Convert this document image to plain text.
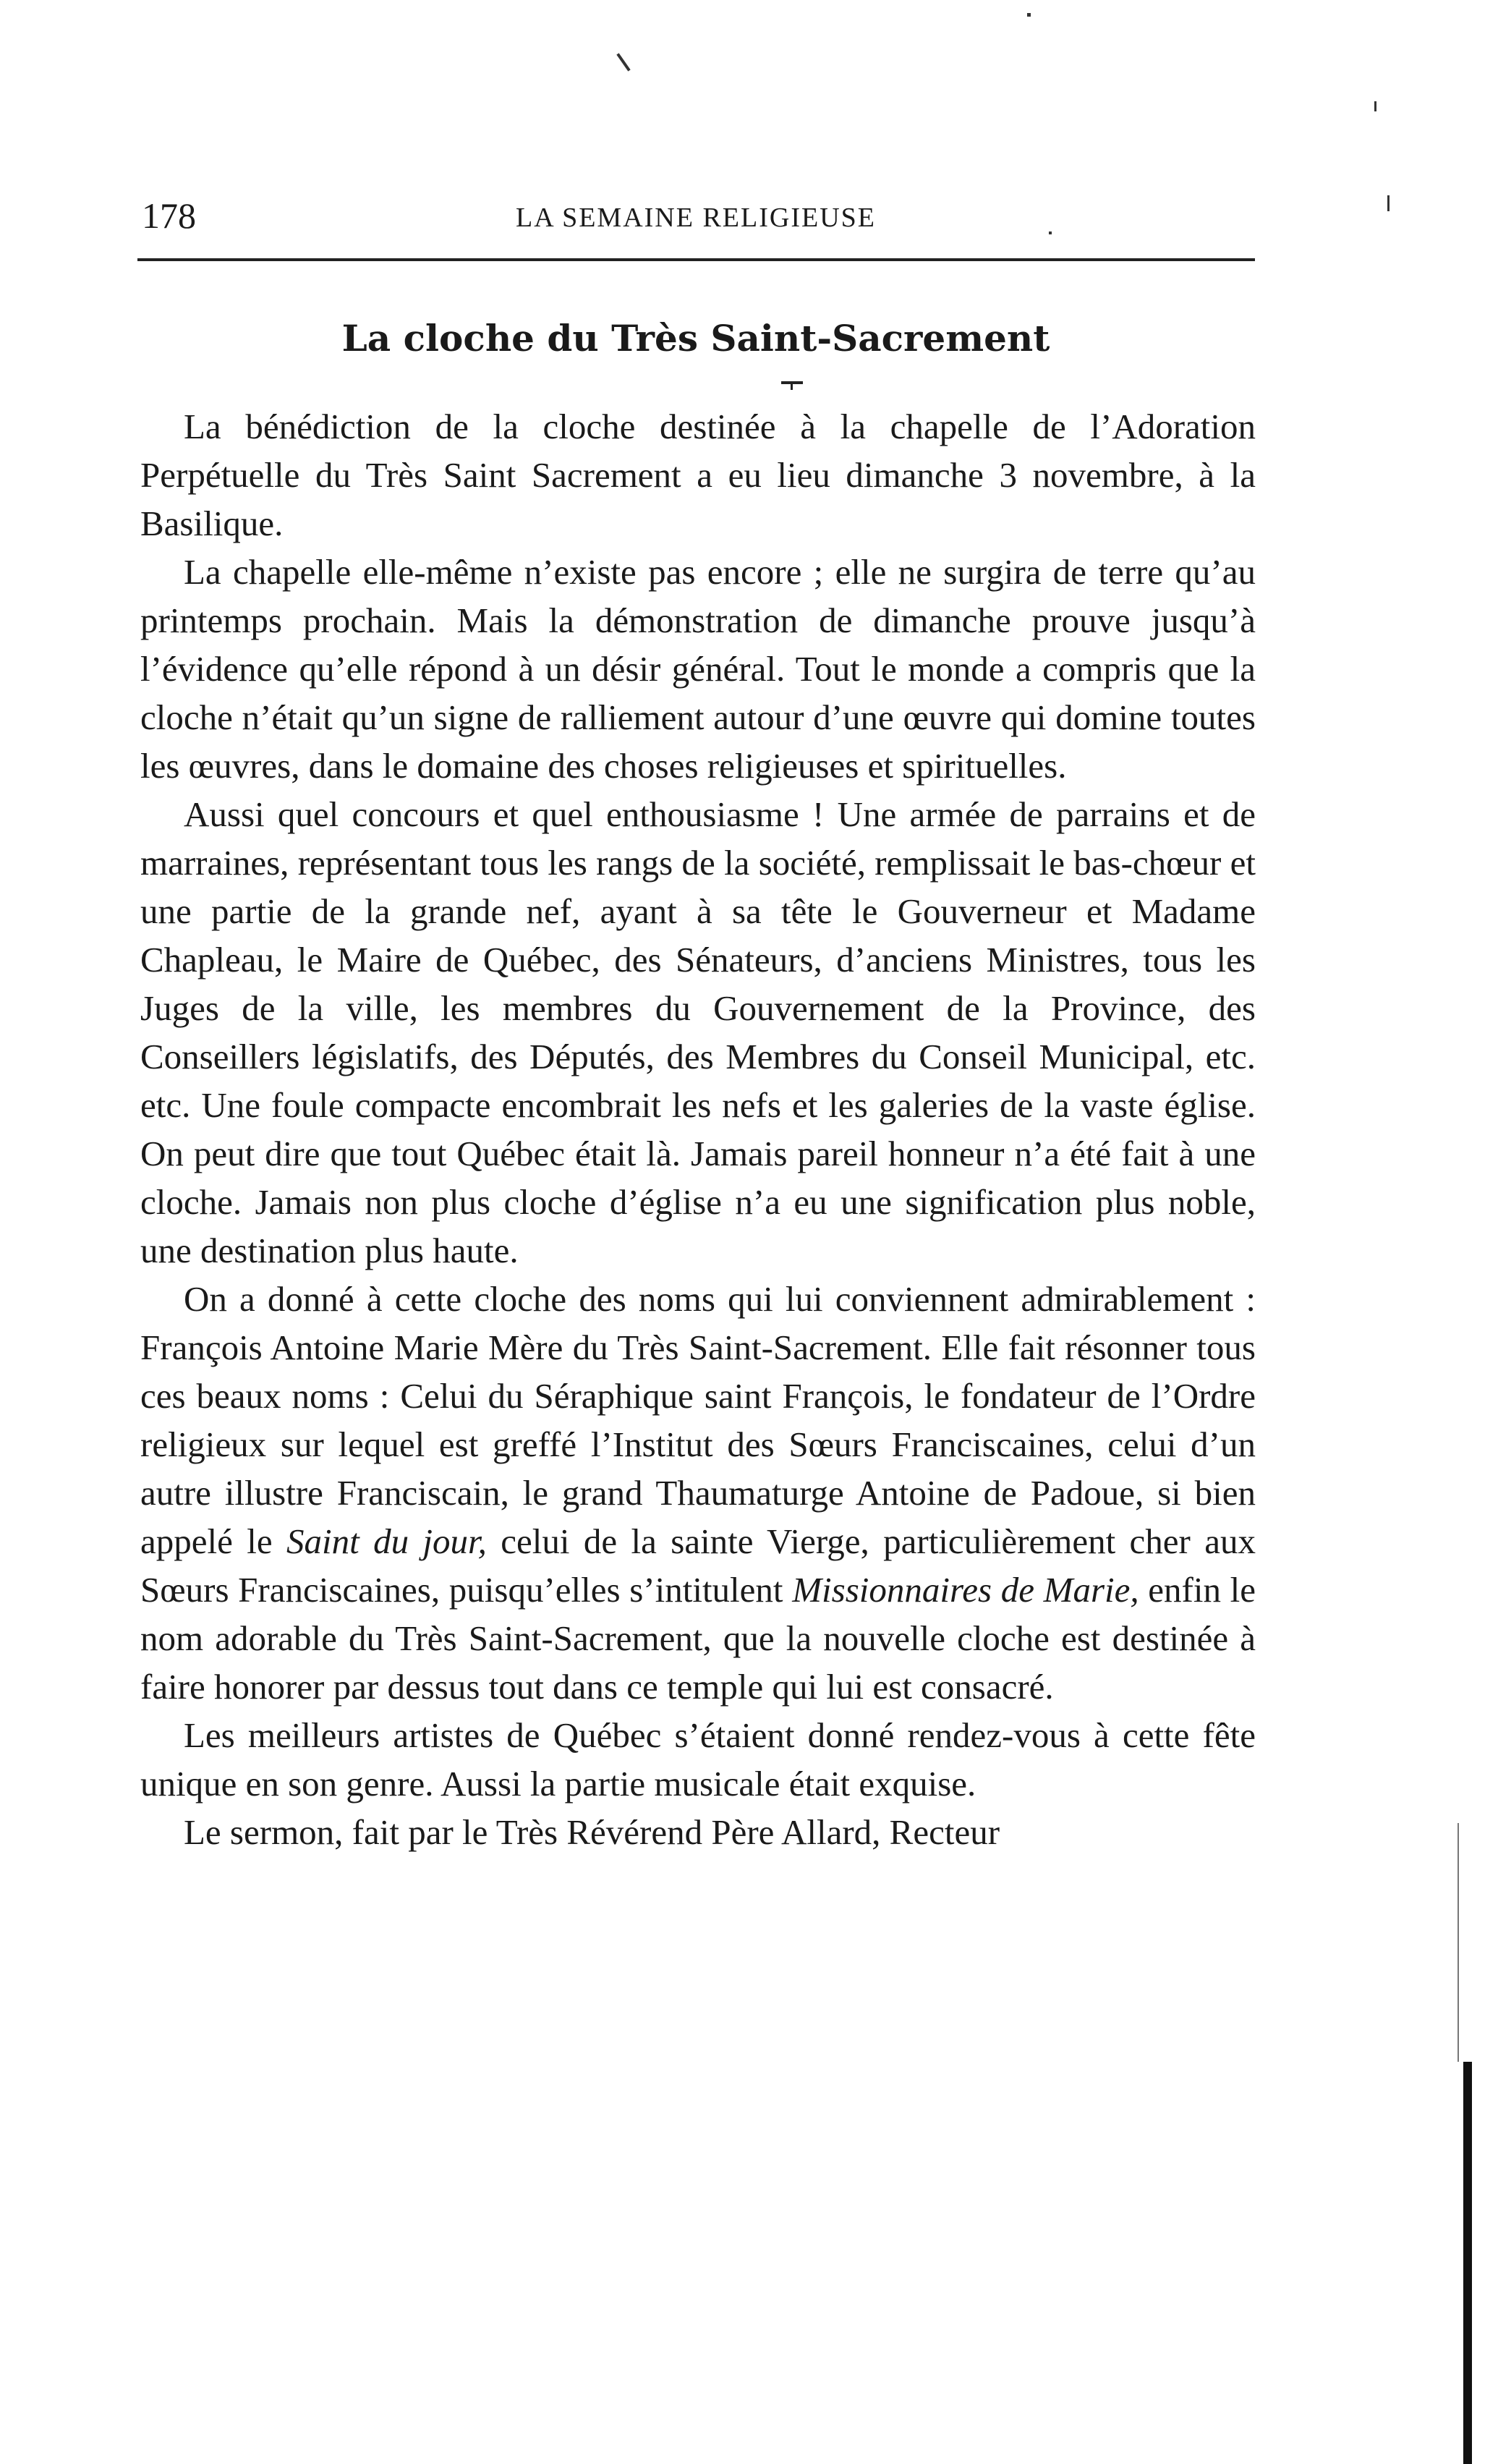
178	LA SEMAINE RELIGIEUSE
La cloche du Très Saint-Sacrement

La bénédiction de la cloche destinée à la chapelle de l’Adoration Perpétuelle du Très Saint Sacrement a eu lieu dimanche 3 novembre, à la Basilique.

La chapelle elle-même n’existe pas encore ; elle ne surgira de terre qu’au printemps prochain. Mais la démonstration de dimanche prouve jusqu’à l’évidence qu’elle répond à un désir général. Tout le monde a compris que la cloche n’était qu’un signe de ralliement autour d’une œuvre qui domine toutes les œuvres, dans le domaine des choses religieuses et spirituelles.

Aussi quel concours et quel enthousiasme ! Une armée de parrains et de marraines, représentant tous les rangs de la société, remplissait le bas-chœur et une partie de la grande nef, ayant à sa tête le Gouverneur et Madame Chapleau, le Maire de Québec, des Sénateurs, d’anciens Ministres, tous les Juges de la ville, les membres du Gouvernement de la Province, des Conseillers législatifs, des Députés, des Membres du Conseil Municipal, etc. etc. Une foule compacte encombrait les nefs et les galeries de la vaste église. On peut dire que tout Québec était là. Jamais pareil honneur n’a été fait à une cloche. Jamais non plus cloche d’église n’a eu une signification plus noble, une destination plus haute.

On a donné à cette cloche des noms qui lui conviennent admirablement : François Antoine Marie Mère du Très Saint-Sacrement. Elle fait résonner tous ces beaux noms : Celui du Séraphique saint François, le fondateur de l’Ordre religieux sur lequel est greffé l’Institut des Sœurs Franciscaines, celui d’un autre illustre Franciscain, le grand Thaumaturge Antoine de Padoue, si bien appelé le Saint du jour, celui de la sainte Vierge, particulièrement cher aux Sœurs Franciscaines, puisqu’elles s’intitulent Missionnaires de Marie, enfin le nom adorable du Très Saint-Sacrement, que la nouvelle cloche est destinée à faire honorer par dessus tout dans ce temple qui lui est consacré.

Les meilleurs artistes de Québec s’étaient donné rendez-vous à cette fête unique en son genre. Aussi la partie musicale était exquise.

Le sermon, fait par le Très Révérend Père Allard, Recteur
